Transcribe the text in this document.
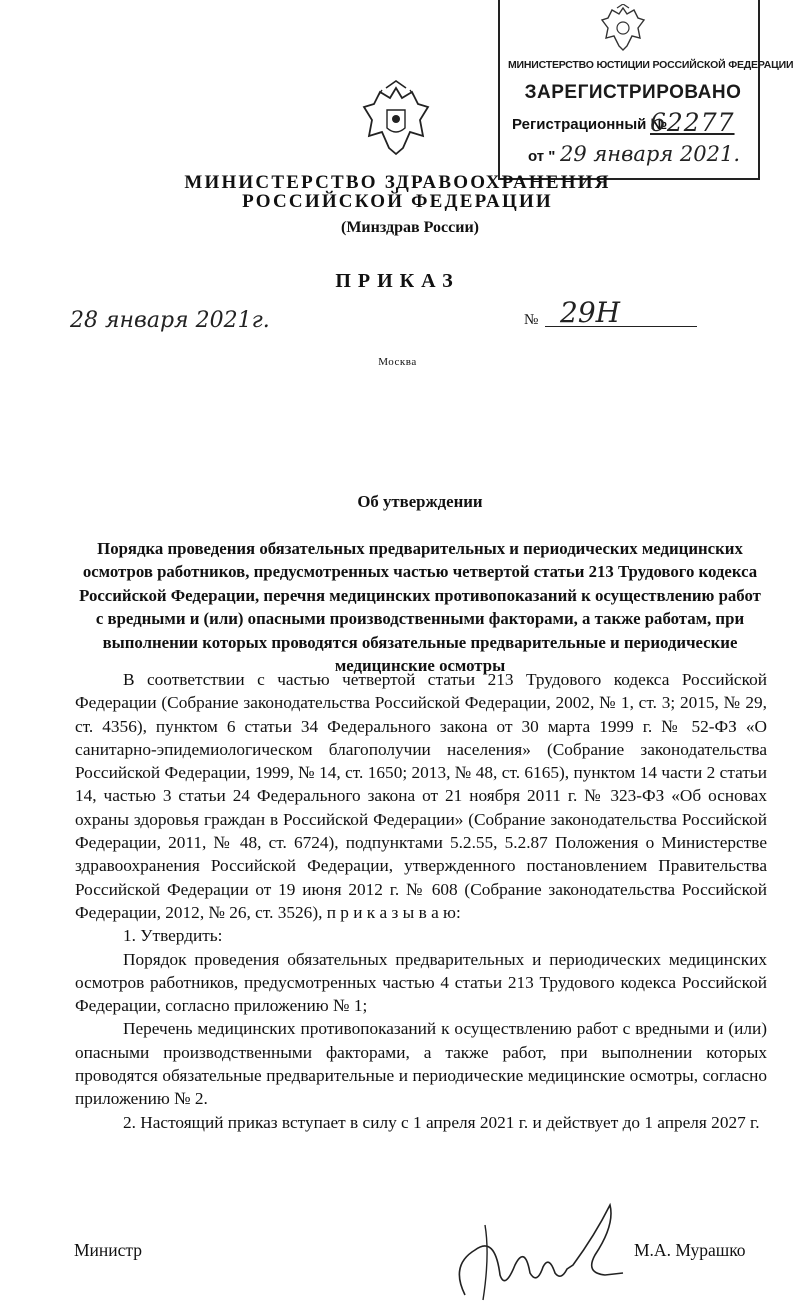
МИНИСТЕРСТВО ЮСТИЦИИ РОССИЙСКОЙ ФЕДЕРАЦИИ
ЗАРЕГИСТРИРОВАНО
Регистрационный №
62277
от " 29 января 2021.
МИНИСТЕРСТВО ЗДРАВООХРАНЕНИЯ
РОССИЙСКОЙ ФЕДЕРАЦИИ
(Минздрав России)
ПРИКАЗ
28 января 2021г.	№ 29Н
Москва

Об утверждении

Порядка проведения обязательных предварительных и периодических медицинских осмотров работников, предусмотренных частью четвертой статьи 213 Трудового кодекса Российской Федерации, перечня медицинских противопоказаний к осуществлению работ с вредными и (или) опасными производственными факторами, а также работам, при выполнении которых проводятся обязательные предварительные и периодические медицинские осмотры

В соответствии с частью четвертой статьи 213 Трудового кодекса Российской Федерации (Собрание законодательства Российской Федерации, 2002, № 1, ст. 3; 2015, № 29, ст. 4356), пунктом 6 статьи 34 Федерального закона от 30 марта 1999 г. № 52-ФЗ «О санитарно-эпидемиологическом благополучии населения» (Собрание законодательства Российской Федерации, 1999, № 14, ст. 1650; 2013, № 48, ст. 6165), пунктом 14 части 2 статьи 14, частью 3 статьи 24 Федерального закона от 21 ноября 2011 г. № 323-ФЗ «Об основах охраны здоровья граждан в Российской Федерации» (Собрание законодательства Российской Федерации, 2011, № 48, ст. 6724), подпунктами 5.2.55, 5.2.87 Положения о Министерстве здравоохранения Российской Федерации, утвержденного постановлением Правительства Российской Федерации от 19 июня 2012 г. № 608 (Собрание законодательства Российской Федерации, 2012, № 26, ст. 3526), п р и к а з ы в а ю:

1. Утвердить:

Порядок проведения обязательных предварительных и периодических медицинских осмотров работников, предусмотренных частью 4 статьи 213 Трудового кодекса Российской Федерации, согласно приложению № 1;

Перечень медицинских противопоказаний к осуществлению работ с вредными и (или) опасными производственными факторами, а также работ, при выполнении которых проводятся обязательные предварительные и периодические медицинские осмотры, согласно приложению № 2.

2. Настоящий приказ вступает в силу с 1 апреля 2021 г. и действует до 1 апреля 2027 г.

Министр	М.А. Мурашко
